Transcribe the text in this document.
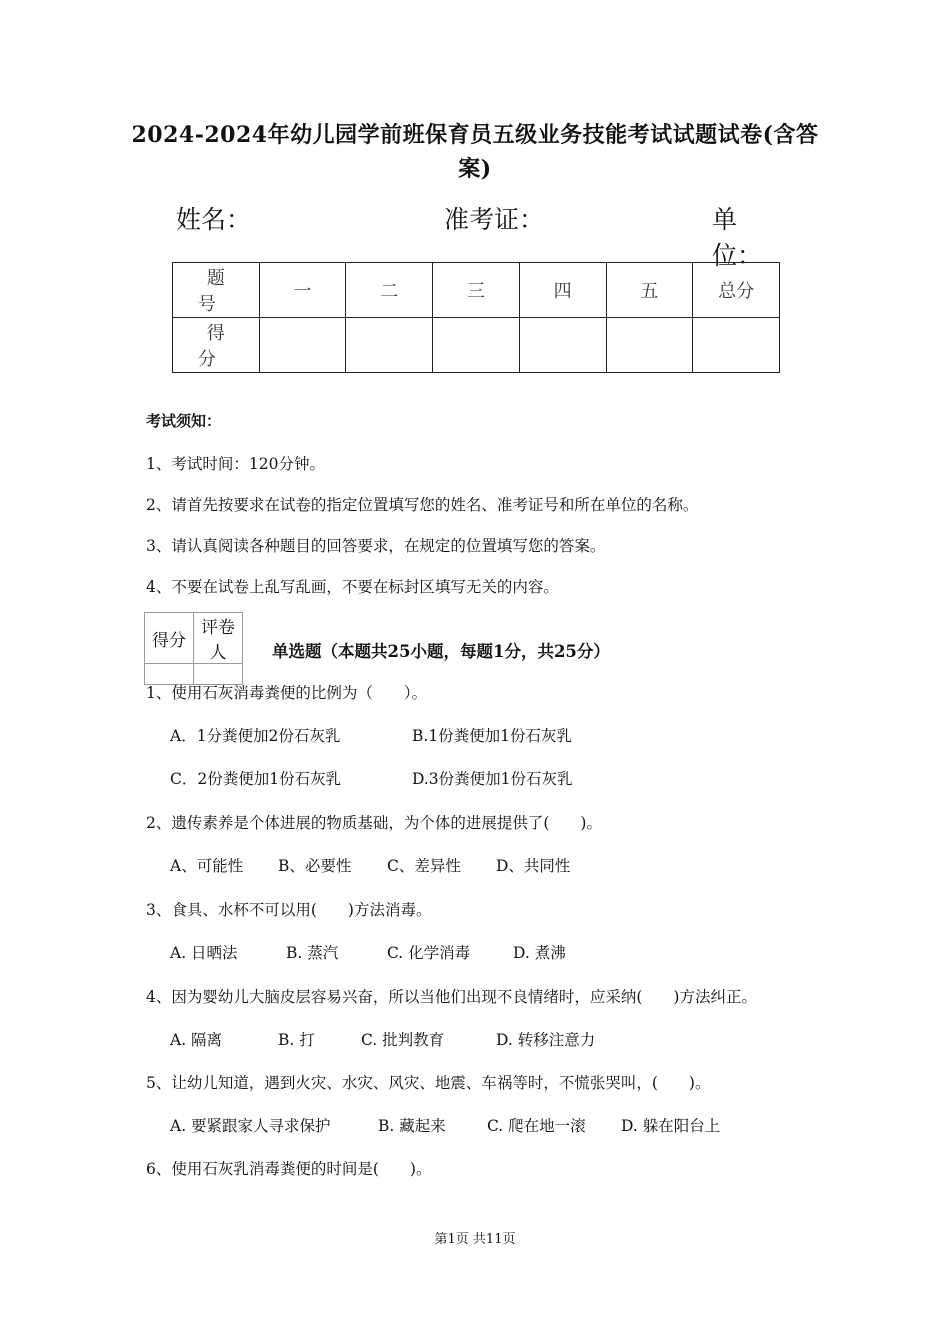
2024-2024年幼儿园学前班保育员五级业务技能考试试题试卷(含答
案)
姓名：	准考证：	单位：
题 号	一	二	三	四	五	总分
得 分						
考试须知：
1、考试时间：120分钟。
2、请首先按要求在试卷的指定位置填写您的姓名、准考证号和所在单位的名称。
3、请认真阅读各种题目的回答要求，在规定的位置填写您的答案。
4、不要在试卷上乱写乱画，不要在标封区填写无关的内容。
得分	评卷人
		单选题（本题共25小题，每题1分，共25分）
1、使用石灰消毒粪便的比例为（　　）。
A．1分粪便加2份石灰乳	B.1份粪便加1份石灰乳
C．2份粪便加1份石灰乳	D.3份粪便加1份石灰乳
2、遗传素养是个体进展的物质基础，为个体的进展提供了(　　)。
A、可能性 B、必要性 C、差异性 D、共同性
3、食具、水杯不可以用(　　)方法消毒。
A. 日晒法	B. 蒸汽	C. 化学消毒	D. 煮沸
4、因为婴幼儿大脑皮层容易兴奋，所以当他们出现不良情绪时，应采纳(　　)方法纠正。
A. 隔离	B. 打	C. 批判教育	D. 转移注意力
5、让幼儿知道，遇到火灾、水灾、风灾、地震、车祸等时，不慌张哭叫，(　　)。
A. 要紧跟家人寻求保护	B. 藏起来	C. 爬在地一滚 D. 躲在阳台上
6、使用石灰乳消毒粪便的时间是(　　)。
第1页 共11页
